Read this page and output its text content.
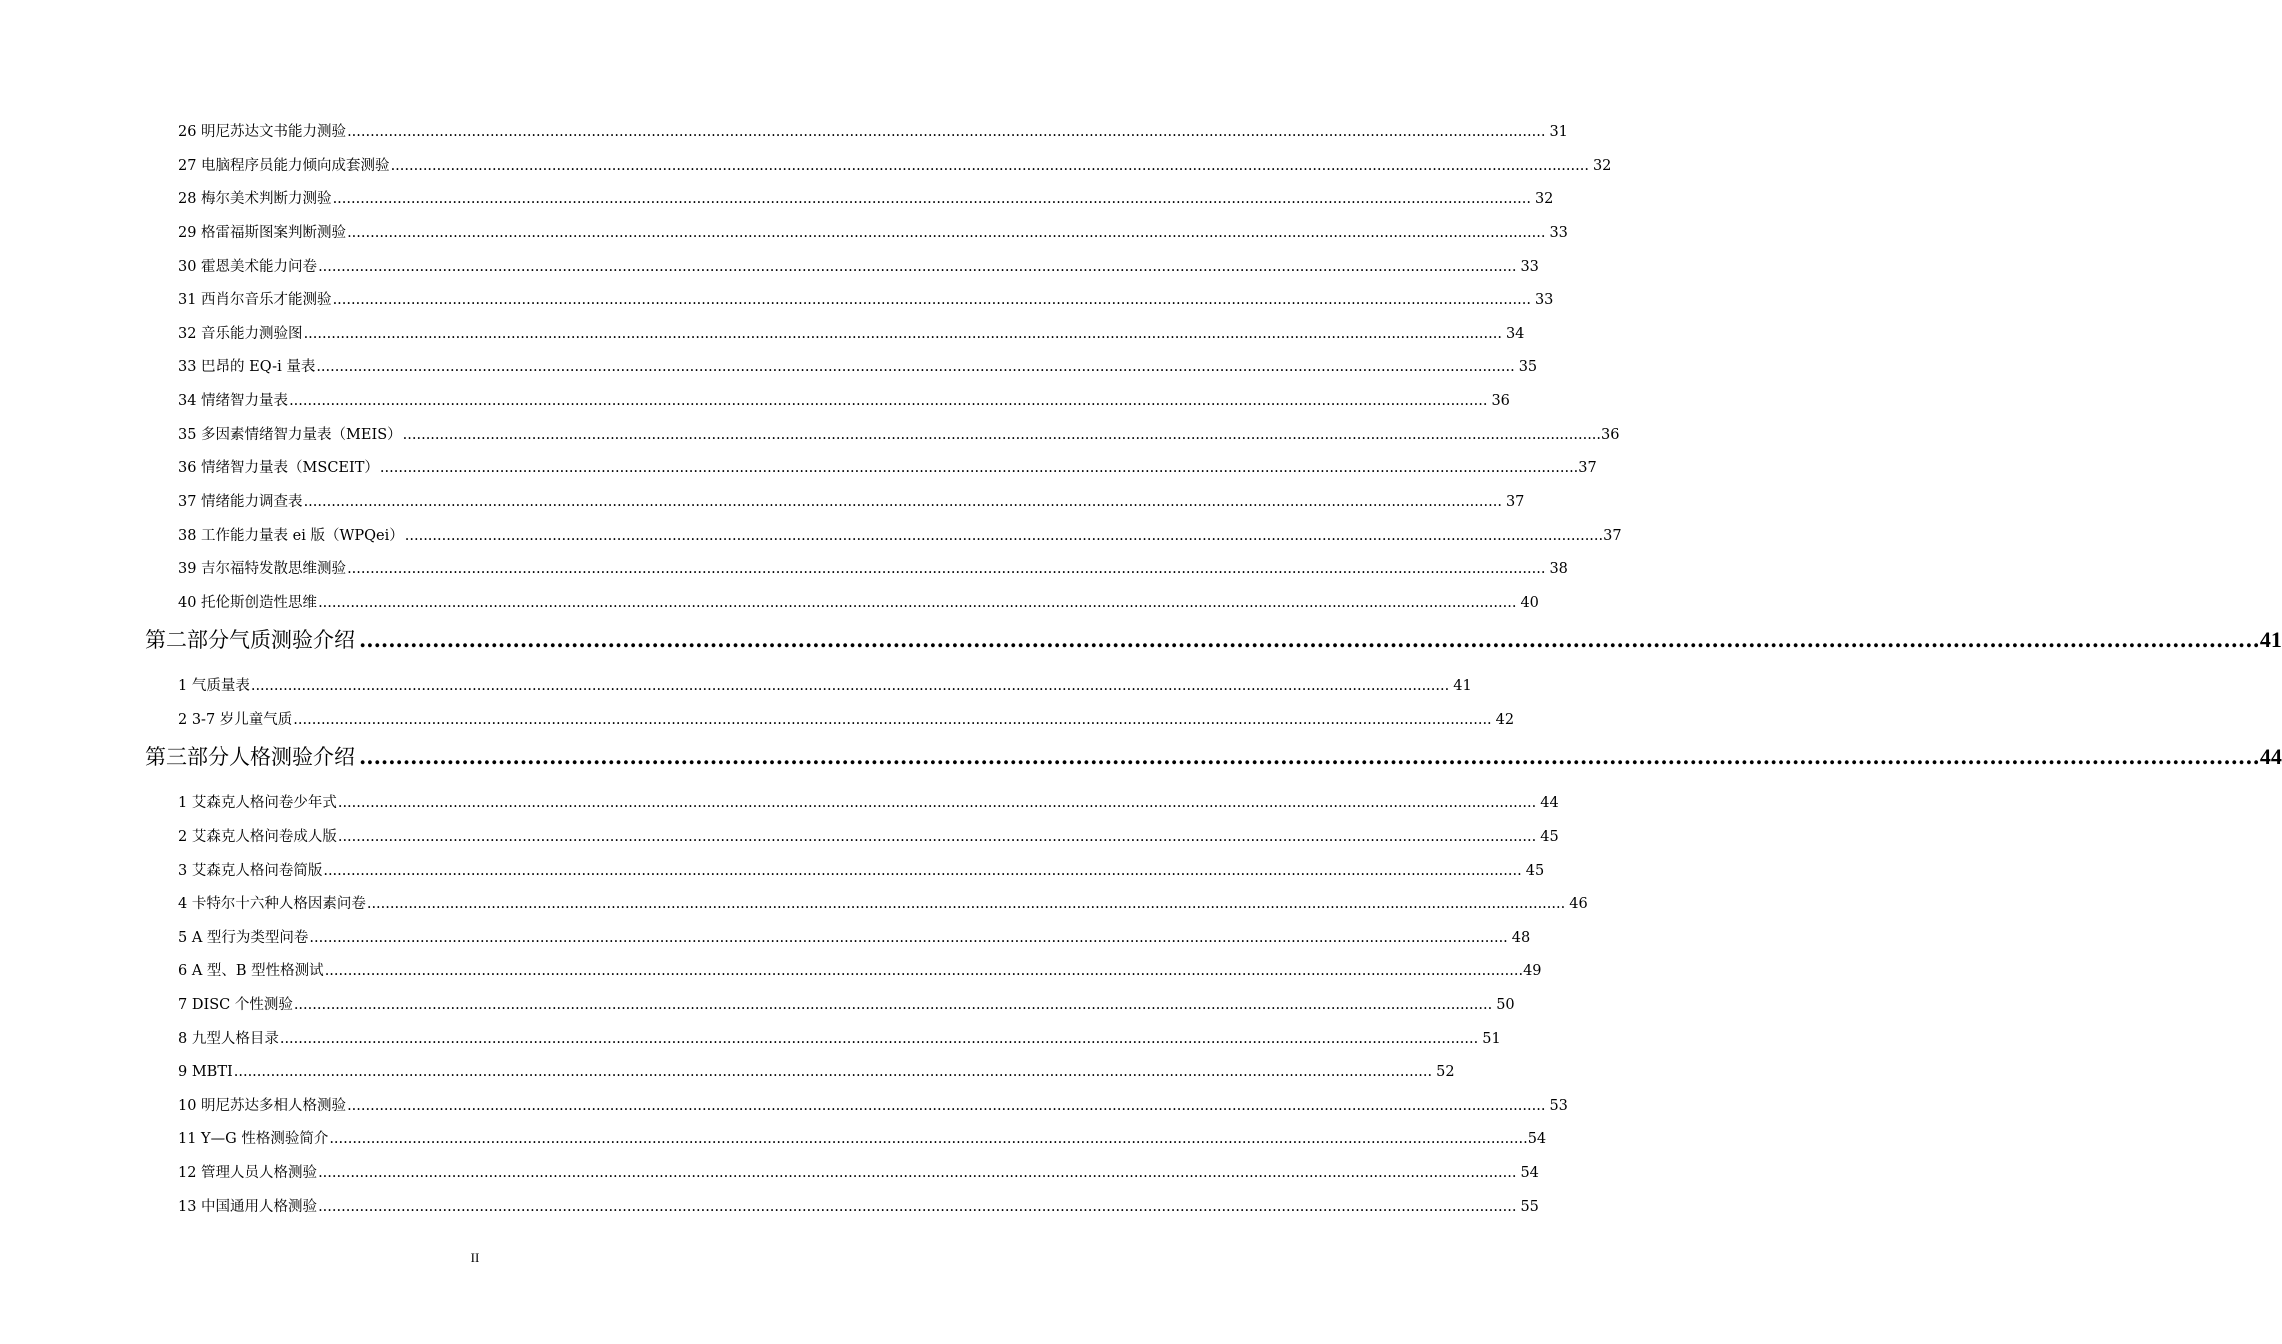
26 明尼苏达文书能力测验 .................................................................................................................................................................................................................................................................... 31
27 电脑程序员能力倾向成套测验 .................................................................................................................................................................................................................................................................... 32
28 梅尔美术判断力测验 .................................................................................................................................................................................................................................................................... 32
29 格雷福斯图案判断测验 .................................................................................................................................................................................................................................................................... 33
30 霍恩美术能力问卷 .................................................................................................................................................................................................................................................................... 33
31 西肖尔音乐才能测验 .................................................................................................................................................................................................................................................................... 33
32 音乐能力测验图 .................................................................................................................................................................................................................................................................... 34
33 巴昂的 EQ-i 量表 .................................................................................................................................................................................................................................................................... 35
34 情绪智力量表 .................................................................................................................................................................................................................................................................... 36
35 多因素情绪智力量表（MEIS） .................................................................................................................................................................................................................................................................... 36
36 情绪智力量表（MSCEIT） .................................................................................................................................................................................................................................................................... 37
37 情绪能力调查表 .................................................................................................................................................................................................................................................................... 37
38 工作能力量表 ei 版（WPQei） .................................................................................................................................................................................................................................................................... 37
39 吉尔福特发散思维测验 .................................................................................................................................................................................................................................................................... 38
40 托伦斯创造性思维 .................................................................................................................................................................................................................................................................... 40
第二部分气质测验介绍 .................................................................................................................................................................................................................................................................... 41
1 气质量表 .................................................................................................................................................................................................................................................................... 41
2 3-7 岁儿童气质 .................................................................................................................................................................................................................................................................... 42
第三部分人格测验介绍 .................................................................................................................................................................................................................................................................... 44
1 艾森克人格问卷少年式 .................................................................................................................................................................................................................................................................... 44
2 艾森克人格问卷成人版 .................................................................................................................................................................................................................................................................... 45
3 艾森克人格问卷简版 .................................................................................................................................................................................................................................................................... 45
4 卡特尔十六种人格因素问卷 .................................................................................................................................................................................................................................................................... 46
5 A 型行为类型问卷 .................................................................................................................................................................................................................................................................... 48
6 A 型、B 型性格测试 .................................................................................................................................................................................................................................................................... 49
7 DISC 个性测验 .................................................................................................................................................................................................................................................................... 50
8 九型人格目录 .................................................................................................................................................................................................................................................................... 51
9 MBTI .................................................................................................................................................................................................................................................................... 52
10 明尼苏达多相人格测验 .................................................................................................................................................................................................................................................................... 53
11 Y—G 性格测验简介 .................................................................................................................................................................................................................................................................... 54
12 管理人员人格测验 .................................................................................................................................................................................................................................................................... 54
13 中国通用人格测验 .................................................................................................................................................................................................................................................................... 55
II
